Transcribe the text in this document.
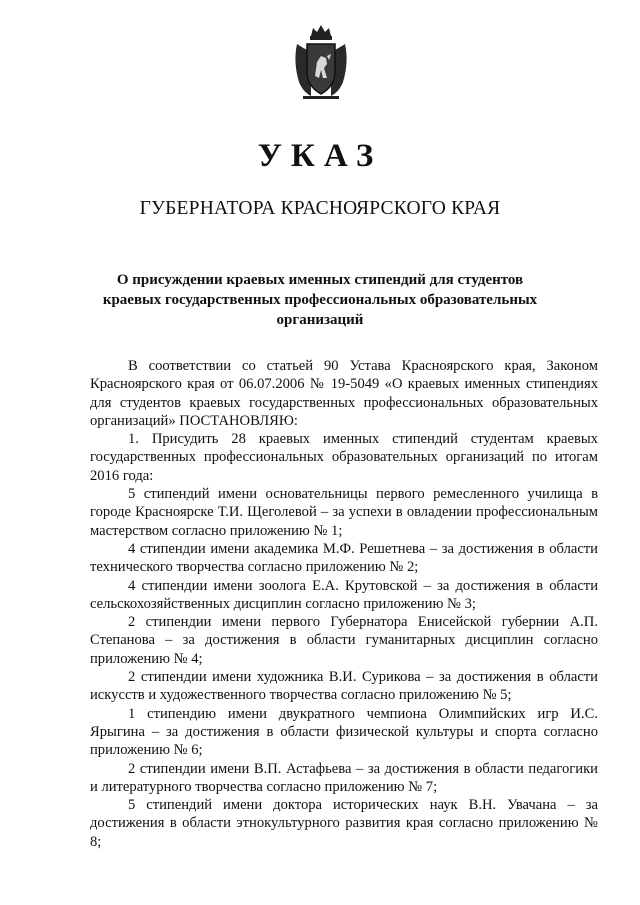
УКАЗ
ГУБЕРНАТОРА КРАСНОЯРСКОГО КРАЯ
О присуждении краевых именных стипендий для студентов краевых государственных профессиональных образовательных организаций

В соответствии со статьей 90 Устава Красноярского края, Законом Красноярского края от 06.07.2006 № 19-5049 «О краевых именных стипендиях для студентов краевых государственных профессиональных образовательных организаций» ПОСТАНОВЛЯЮ:

1. Присудить 28 краевых именных стипендий студентам краевых государственных профессиональных образовательных организаций по итогам 2016 года:

5 стипендий имени основательницы первого ремесленного училища в городе Красноярске Т.И. Щеголевой – за успехи в овладении профессиональным мастерством согласно приложению № 1;

4 стипендии имени академика М.Ф. Решетнева – за достижения в области технического творчества согласно приложению № 2;

4 стипендии имени зоолога Е.А. Крутовской – за достижения в области сельскохозяйственных дисциплин согласно приложению № 3;

2 стипендии имени первого Губернатора Енисейской губернии А.П. Степанова – за достижения в области гуманитарных дисциплин согласно приложению № 4;

2 стипендии имени художника В.И. Сурикова – за достижения в области искусств и художественного творчества согласно приложению № 5;

1 стипендию имени двукратного чемпиона Олимпийских игр И.С. Ярыгина – за достижения в области физической культуры и спорта согласно приложению № 6;

2 стипендии имени В.П. Астафьева – за достижения в области педагогики и литературного творчества согласно приложению № 7;

5 стипендий имени доктора исторических наук В.Н. Увачана – за достижения в области этнокультурного развития края согласно приложению № 8;
